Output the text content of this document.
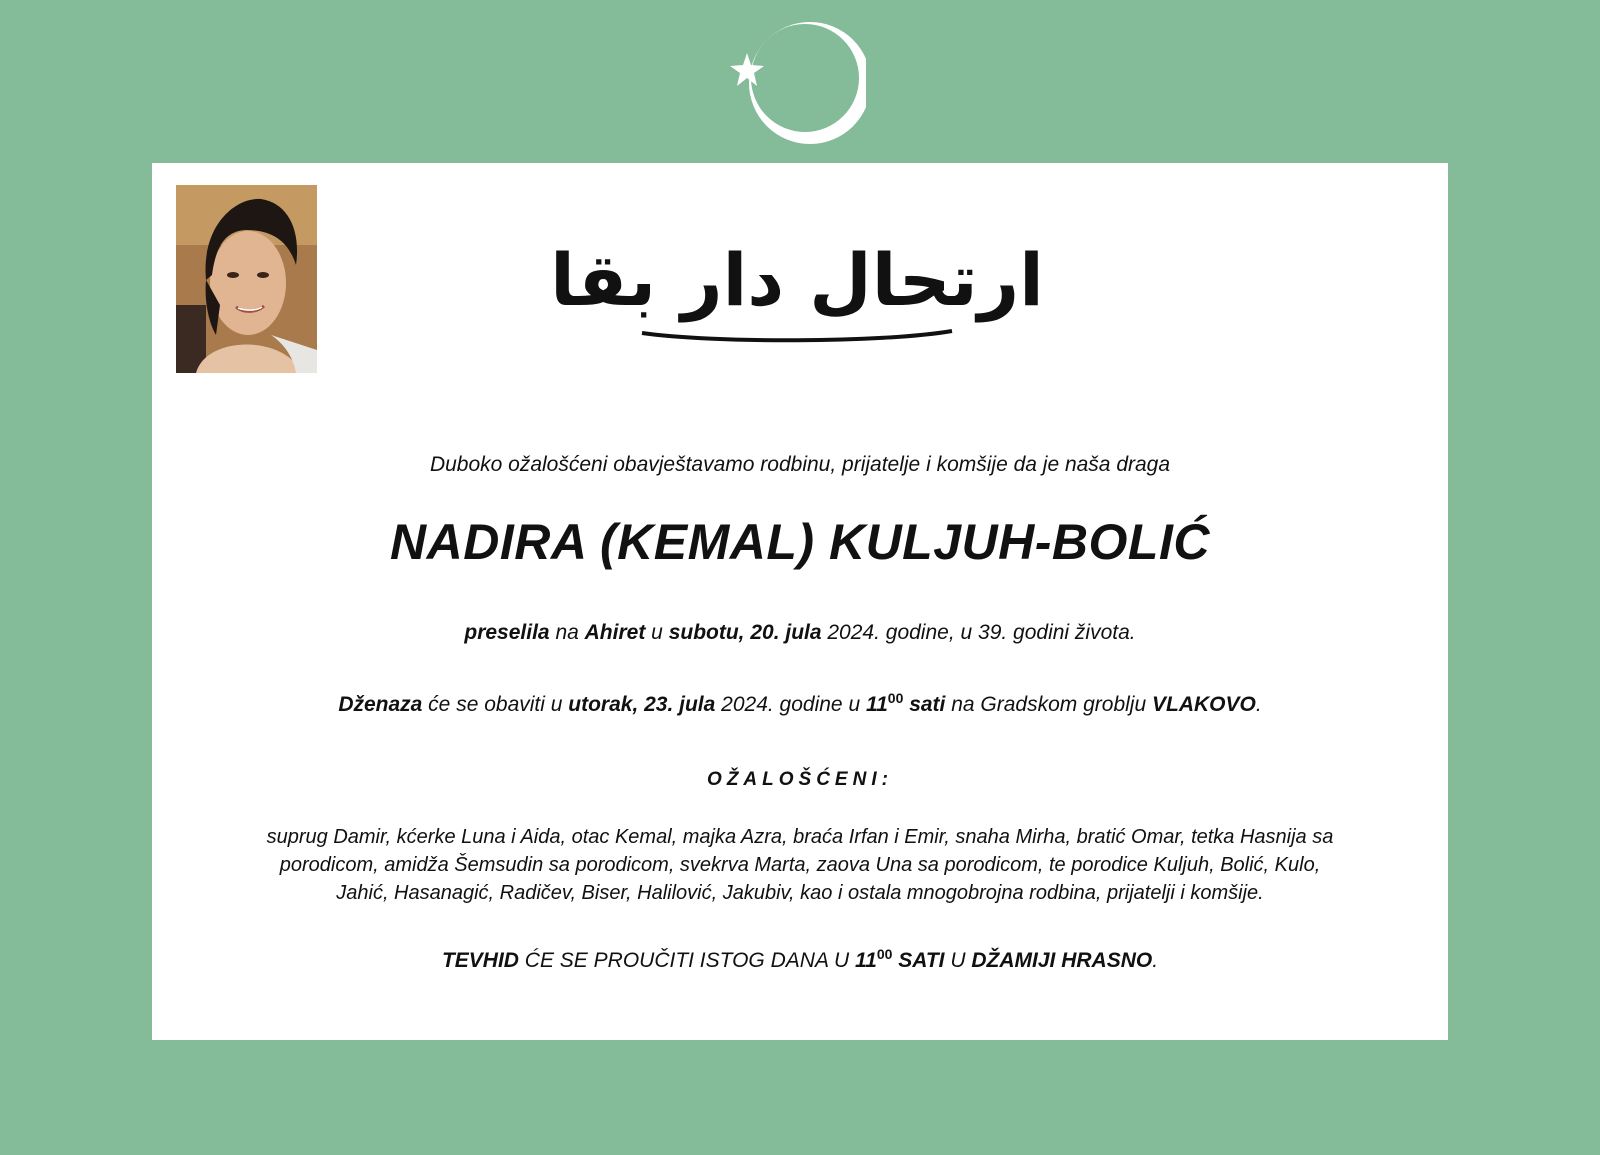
ارتحال دار بقا
Duboko ožalošćeni obavještavamo rodbinu, prijatelje i komšije da je naša draga
NADIRA (KEMAL) KULJUH-BOLIĆ
preselila na Ahiret u subotu, 20. jula 2024. godine, u 39. godini života.
Dženaza će se obaviti u utorak, 23. jula 2024. godine u $11^{00}$ sati na Gradskom groblju VLAKOVO.
OŽALOŠĆENI:
suprug Damir, kćerke Luna i Aida, otac Kemal, majka Azra, braća Irfan i Emir, snaha Mirha, bratić Omar, tetka Hasnija sa
porodicom, amidža Šemsudin sa porodicom, svekrva Marta, zaova Una sa porodicom, te porodice Kuljuh, Bolić, Kulo,
Jahić, Hasanagić, Radičev, Biser, Halilović, Jakubiv, kao i ostala mnogobrojna rodbina, prijatelji i komšije.
TEVHID ĆE SE PROUČITI ISTOG DANA U $11^{00}$ SATI U DŽAMIJI HRASNO.
